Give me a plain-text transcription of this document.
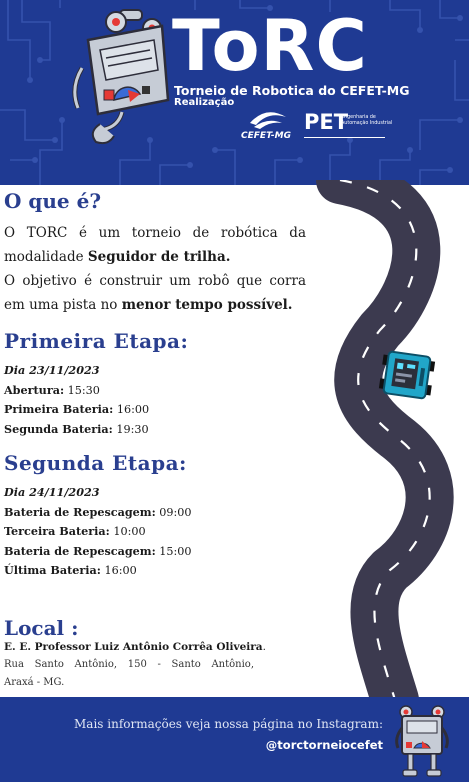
ToRC
Torneio de Robotica do CEFET-MG
Realização
CEFET-MG
PET
Engenharia de Automação Industrial
O que é?

O TORC é um torneio de robótica da modalidade Seguidor de trilha.

O objetivo é construir um robô que corra em uma pista no menor tempo possível.

Primeira Etapa:
Dia 23/11/2023
Abertura: 15:30
Primeira Bateria: 16:00
Segunda Bateria: 19:30
Segunda Etapa:
Dia 24/11/2023
Bateria de Repescagem: 09:00
Terceira Bateria: 10:00
Bateria de Repescagem: 15:00
Última Bateria: 16:00
Local :
E. E. Professor Luiz Antônio Corrêa Oliveira.
Rua Santo Antônio, 150 - Santo Antônio,
Araxá - MG.
Mais informações veja nossa página no Instagram:
@torctorneiocefet
